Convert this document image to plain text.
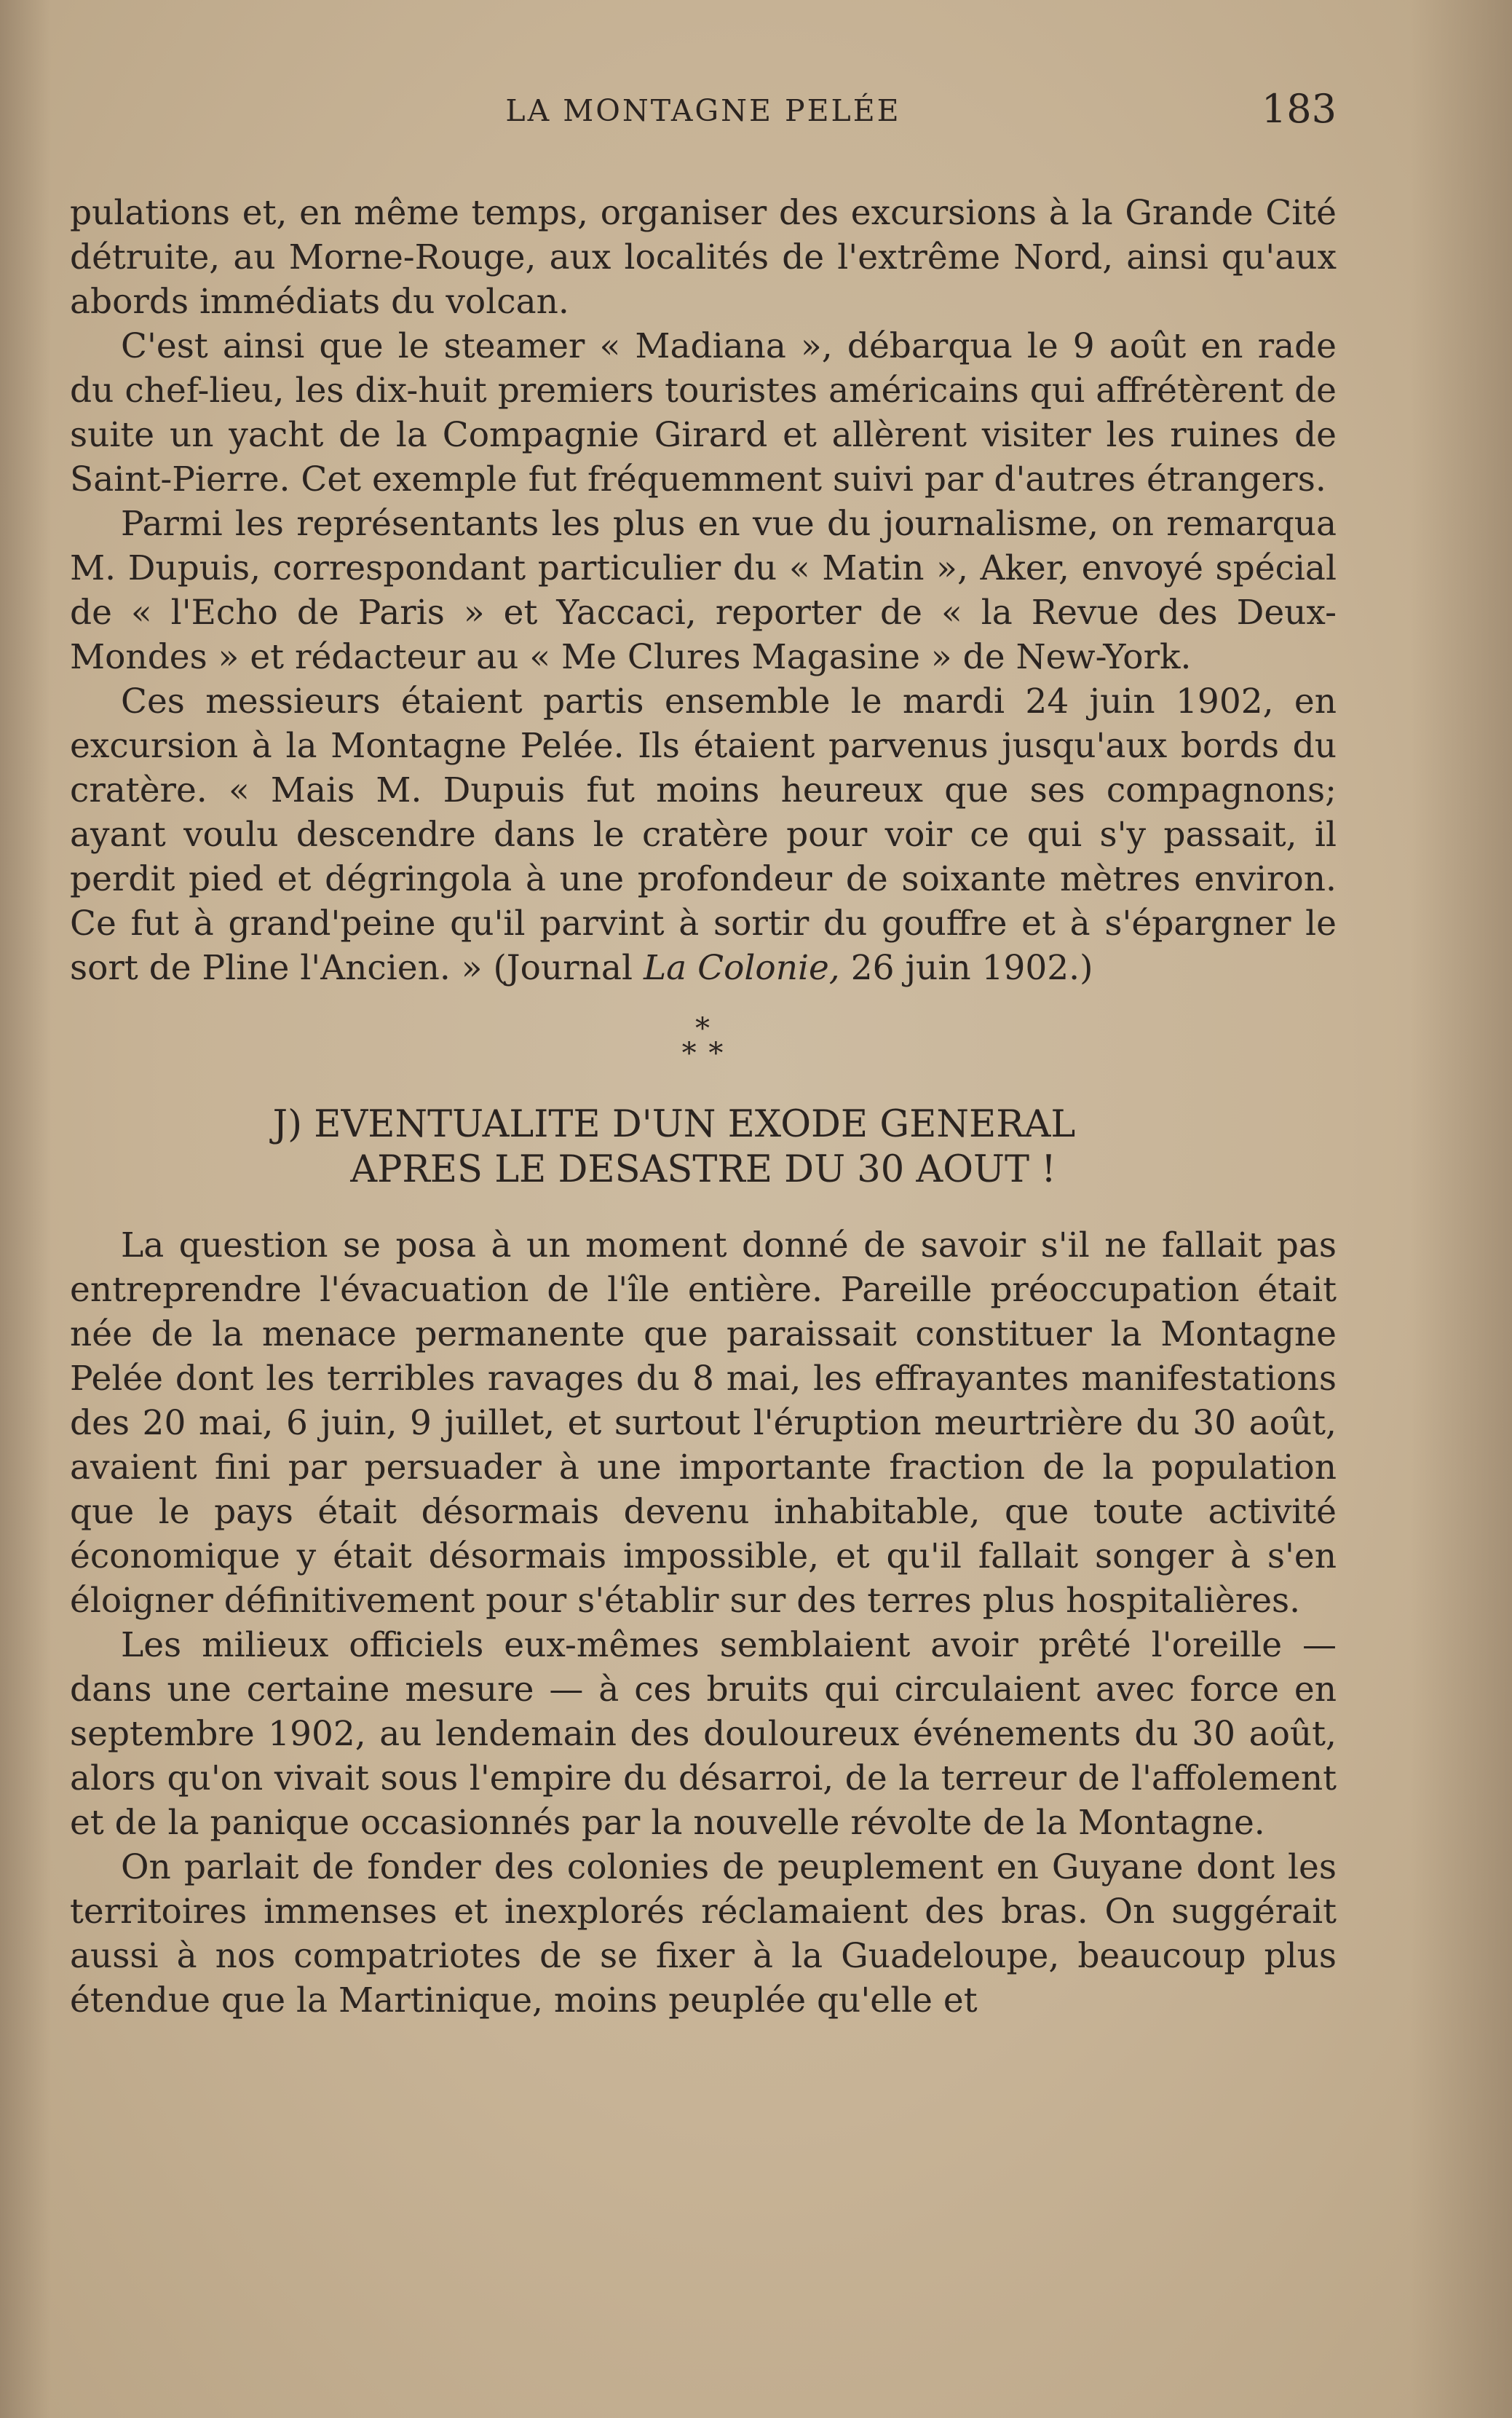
LA MONTAGNE PELÉE	183

pulations et, en même temps, organiser des excursions à la Grande Cité détruite, au Morne-Rouge, aux localités de l'extrême Nord, ainsi qu'aux abords immédiats du volcan.

C'est ainsi que le steamer « Madiana », débarqua le 9 août en rade du chef-lieu, les dix-huit premiers touristes américains qui affrétèrent de suite un yacht de la Compagnie Girard et allèrent visiter les ruines de Saint-Pierre. Cet exemple fut fréquemment suivi par d'autres étrangers.

Parmi les représentants les plus en vue du journalisme, on remarqua M. Dupuis, correspondant particulier du « Matin », Aker, envoyé spécial de « l'Echo de Paris » et Yaccaci, reporter de « la Revue des Deux-Mondes » et rédacteur au « Me Clures Magasine » de New-York.

Ces messieurs étaient partis ensemble le mardi 24 juin 1902, en excursion à la Montagne Pelée. Ils étaient parvenus jusqu'aux bords du cratère. « Mais M. Dupuis fut moins heureux que ses compagnons; ayant voulu descendre dans le cratère pour voir ce qui s'y passait, il perdit pied et dégringola à une profondeur de soixante mètres environ. Ce fut à grand'peine qu'il parvint à sortir du gouffre et à s'épargner le sort de Pline l'Ancien. » (Journal La Colonie, 26 juin 1902.)

*
* *
J) EVENTUALITE D'UN EXODE GENERAL
APRES LE DESASTRE DU 30 AOUT !

La question se posa à un moment donné de savoir s'il ne fallait pas entreprendre l'évacuation de l'île entière. Pareille préoccupation était née de la menace permanente que paraissait constituer la Montagne Pelée dont les terribles ravages du 8 mai, les effrayantes manifestations des 20 mai, 6 juin, 9 juillet, et surtout l'éruption meurtrière du 30 août, avaient fini par persuader à une importante fraction de la population que le pays était désormais devenu inhabitable, que toute activité économique y était désormais impossible, et qu'il fallait songer à s'en éloigner définitivement pour s'établir sur des terres plus hospitalières.

Les milieux officiels eux-mêmes semblaient avoir prêté l'oreille — dans une certaine mesure — à ces bruits qui circulaient avec force en septembre 1902, au lendemain des douloureux événements du 30 août, alors qu'on vivait sous l'empire du désarroi, de la terreur de l'affolement et de la panique occasionnés par la nouvelle révolte de la Montagne.

On parlait de fonder des colonies de peuplement en Guyane dont les territoires immenses et inexplorés réclamaient des bras. On suggérait aussi à nos compatriotes de se fixer à la Guadeloupe, beaucoup plus étendue que la Martinique, moins peuplée qu'elle et
